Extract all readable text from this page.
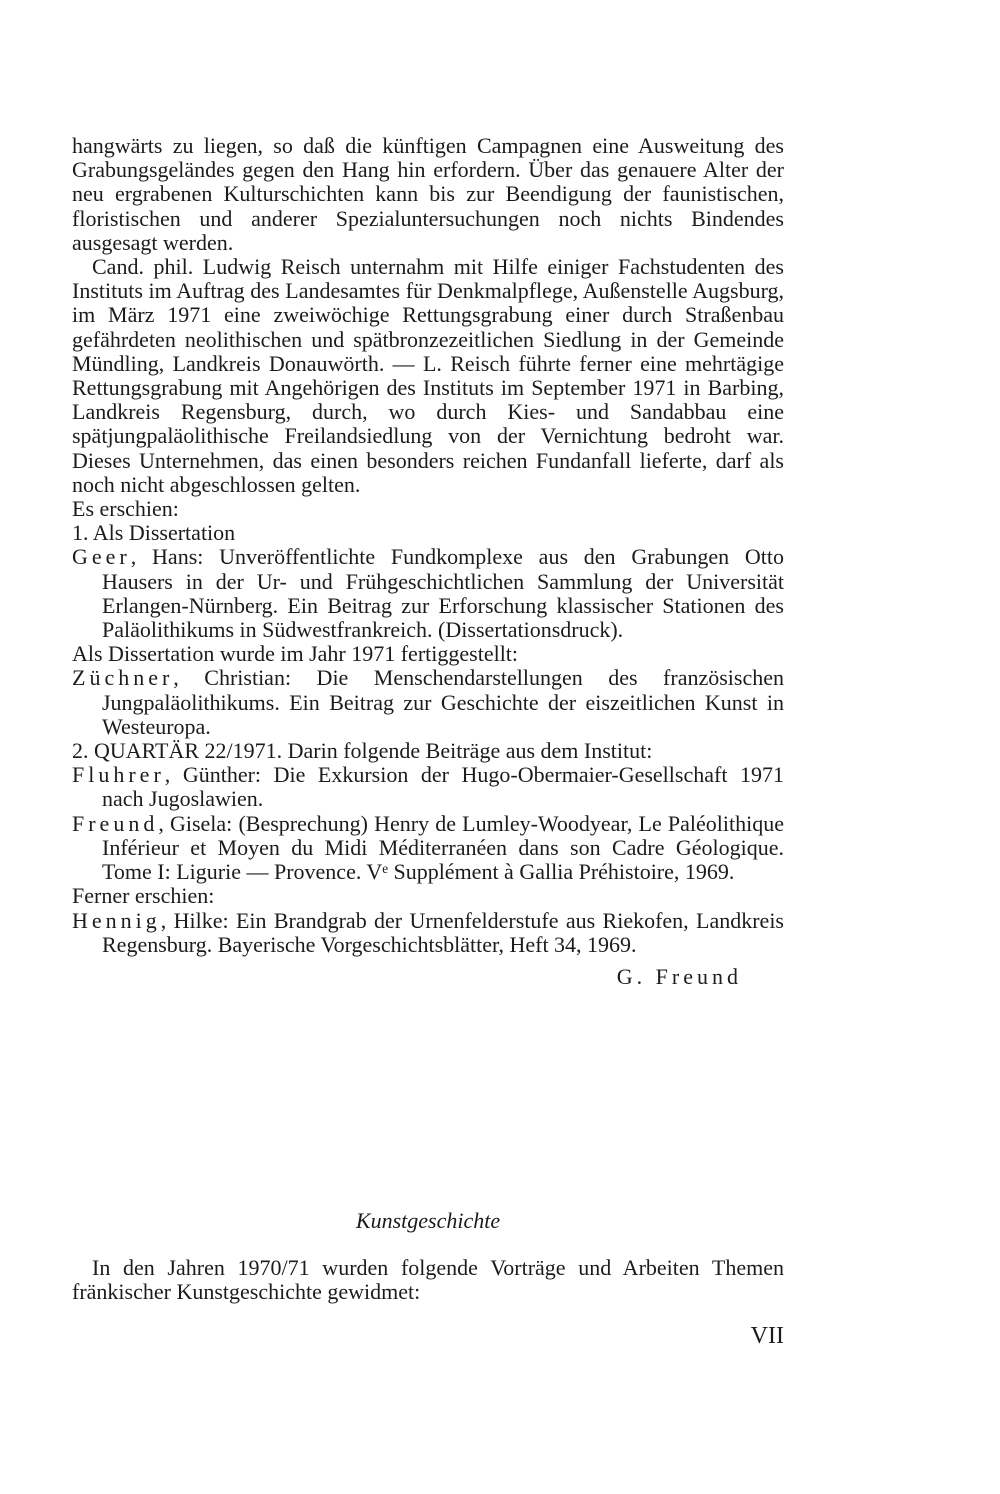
hangwärts zu liegen, so daß die künftigen Campagnen eine Ausweitung des Grabungsgeländes gegen den Hang hin erfordern. Über das genauere Alter der neu ergrabenen Kulturschichten kann bis zur Beendigung der faunistischen, floristischen und anderer Spezialuntersuchungen noch nichts Bindendes ausgesagt werden.

Cand. phil. Ludwig Reisch unternahm mit Hilfe einiger Fachstudenten des Instituts im Auftrag des Landesamtes für Denkmalpflege, Außenstelle Augsburg, im März 1971 eine zweiwöchige Rettungsgrabung einer durch Straßenbau gefährdeten neolithischen und spätbronzezeitlichen Siedlung in der Gemeinde Mündling, Landkreis Donauwörth. — L. Reisch führte ferner eine mehrtägige Rettungsgrabung mit Angehörigen des Instituts im September 1971 in Barbing, Landkreis Regensburg, durch, wo durch Kies- und Sandabbau eine spätjungpaläolithische Freilandsiedlung von der Vernichtung bedroht war. Dieses Unternehmen, das einen besonders reichen Fundanfall lieferte, darf als noch nicht abgeschlossen gelten.

Es erschien:

1. Als Dissertation

Geer, Hans: Unveröffentlichte Fundkomplexe aus den Grabungen Otto Hausers in der Ur- und Frühgeschichtlichen Sammlung der Universität Erlangen-Nürnberg. Ein Beitrag zur Erforschung klassischer Stationen des Paläolithikums in Südwestfrankreich. (Dissertationsdruck).

Als Dissertation wurde im Jahr 1971 fertiggestellt:

Züchner, Christian: Die Menschendarstellungen des französischen Jungpaläolithikums. Ein Beitrag zur Geschichte der eiszeitlichen Kunst in Westeuropa.

2. QUARTÄR 22/1971. Darin folgende Beiträge aus dem Institut:

Fluhrer, Günther: Die Exkursion der Hugo-Obermaier-Gesellschaft 1971 nach Jugoslawien.

Freund, Gisela: (Besprechung) Henry de Lumley-Woodyear, Le Paléolithique Inférieur et Moyen du Midi Méditerranéen dans son Cadre Géologique. Tome I: Ligurie — Provence. Vᵉ Supplément à Gallia Préhistoire, 1969.

Ferner erschien:

Hennig, Hilke: Ein Brandgrab der Urnenfelderstufe aus Riekofen, Landkreis Regensburg. Bayerische Vorgeschichtsblätter, Heft 34, 1969.

G. Freund

Kunstgeschichte

In den Jahren 1970/71 wurden folgende Vorträge und Arbeiten Themen fränkischer Kunstgeschichte gewidmet:

VII
